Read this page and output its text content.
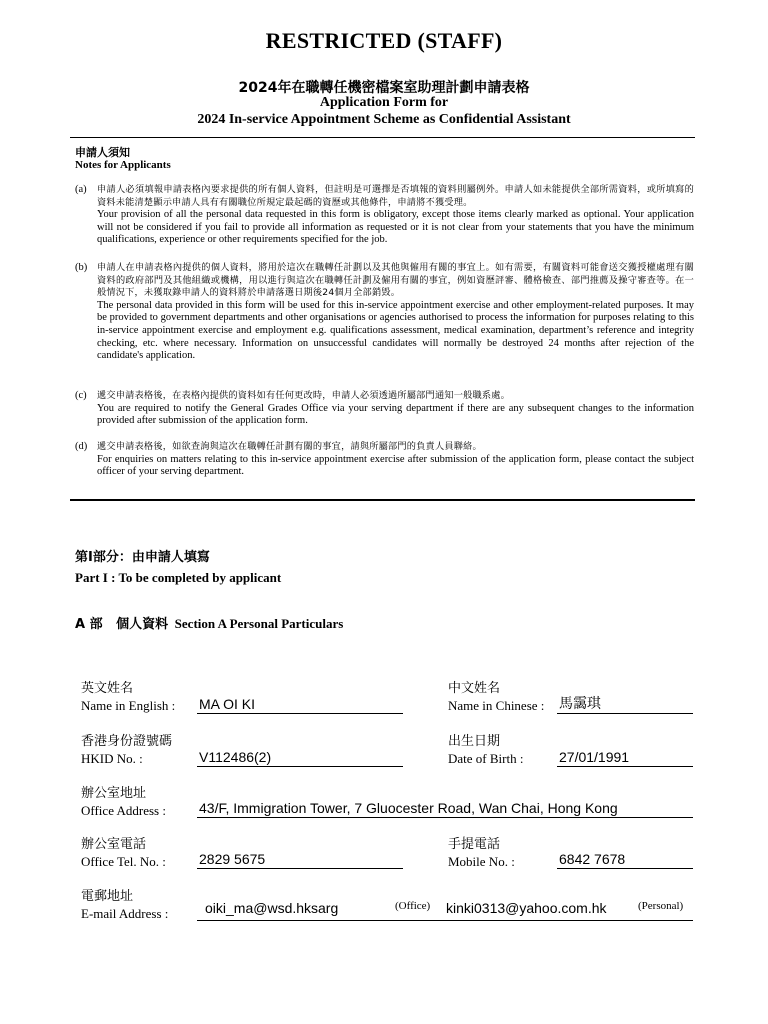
RESTRICTED (STAFF)
2024年在職轉任機密檔案室助理計劃申請表格
Application Form for
2024 In-service Appointment Scheme as Confidential Assistant
申請人須知
Notes for Applicants
(a) 申請人必須填報申請表格內要求提供的所有個人資料，但註明是可選擇是否填報的資料則屬例外。申請人如未能提供全部所需資料，或所填寫的資料未能清楚顯示申請人具有有關職位所規定最起碼的資歷或其他條件，申請將不獲受理。
Your provision of all the personal data requested in this form is obligatory, except those items clearly marked as optional. Your application will not be considered if you fail to provide all information as requested or it is not clear from your statements that you have the minimum qualifications, experience or other requirements specified for the job.
(b) 申請人在申請表格內提供的個人資料，將用於這次在職轉任計劃以及其他與僱用有關的事宜上。如有需要，有關資料可能會送交獲授權處理有關資料的政府部門及其他組織或機構，用以進行與這次在職轉任計劃及僱用有關的事宜，例如資歷評審、體格檢查、部門推薦及操守審查等。在一般情況下，未獲取錄申請人的資料將於申請落選日期後24個月全部銷毀。
The personal data provided in this form will be used for this in-service appointment exercise and other employment-related purposes. It may be provided to government departments and other organisations or agencies authorised to process the information for purposes relating to this in-service appointment exercise and employment e.g. qualifications assessment, medical examination, department’s reference and integrity checking, etc. where necessary. Information on unsuccessful candidates will normally be destroyed 24 months after rejection of the candidate's application.
(c) 遞交申請表格後，在表格內提供的資料如有任何更改時，申請人必須透過所屬部門通知一般職系處。
You are required to notify the General Grades Office via your serving department if there are any subsequent changes to the information provided after submission of the application form.
(d) 遞交申請表格後，如欲查詢與這次在職轉任計劃有關的事宜，請與所屬部門的負責人員聯絡。
For enquiries on matters relating to this in-service appointment exercise after submission of the application form, please contact the subject officer of your serving department.
第I部分：由申請人填寫
Part I : To be completed by applicant
A 部   個人資料 Section A Personal Particulars
英文姓名
Name in English : MA OI KI
中文姓名
Name in Chinese : 馬靄琪
香港身份證號碼
HKID No. :	V112486(2)
出生日期
Date of Birth :	27/01/1991
辦公室地址
Office Address : 43/F, Immigration Tower, 7 Gluocester Road, Wan Chai, Hong Kong
辦公室電話
Office Tel. No. : 2829 5675
手提電話
Mobile No. :	6842 7678
電郵地址
E-mail Address :	oiki_ma@wsd.hksarg	(Office) kinki0313@yahoo.com.hk	(Personal)
